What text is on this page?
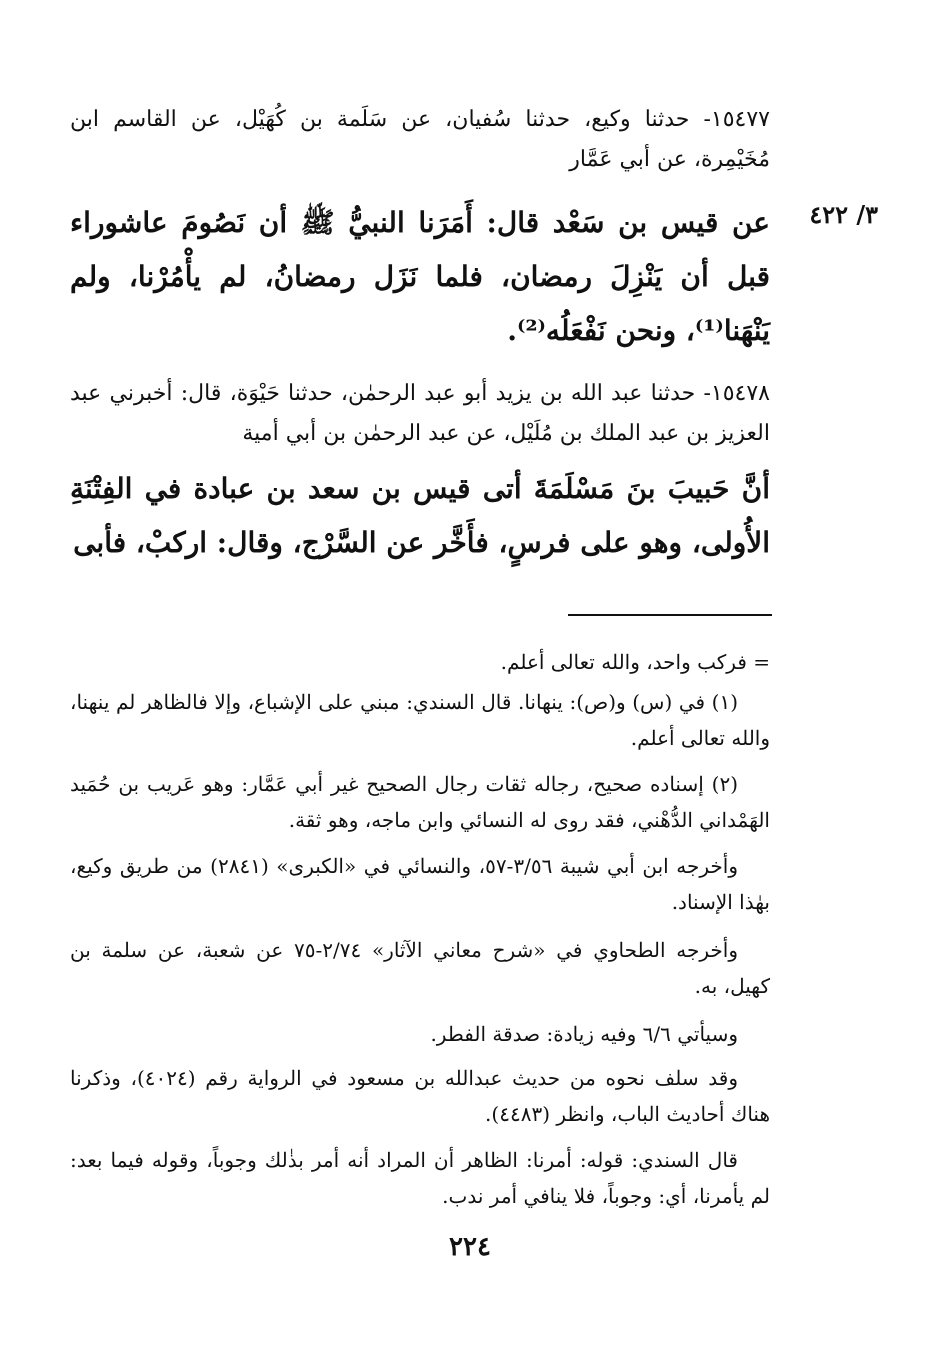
١٥٤٧٧- حدثنا وكيع، حدثنا سُفيان، عن سَلَمة بن كُهَيْل، عن القاسم ابن مُخَيْمِرة، عن أبي عَمَّار
٣/ ٤٢٢
عن قيس بن سَعْد قال: أَمَرَنا النبيُّ ﷺ أن نَصُومَ عاشوراء قبل أن يَنْزِلَ رمضان، فلما نَزَل رمضانُ، لم يأْمُرْنا، ولم يَنْهَنا⁽¹⁾، ونحن نَفْعَلُه⁽²⁾.
١٥٤٧٨- حدثنا عبد الله بن يزيد أبو عبد الرحمٰن، حدثنا حَيْوَة، قال: أخبرني عبد العزيز بن عبد الملك بن مُلَيْل، عن عبد الرحمٰن بن أبي أمية
أنَّ حَبيبَ بنَ مَسْلَمَةَ أتى قيس بن سعد بن عبادة في الفِتْنَةِ الأُولى، وهو على فرسٍ، فأَخَّر عن السَّرْج، وقال: اركبْ، فأبى
= فركب واحد، والله تعالى أعلم.
(١) في (س) و(ص): ينهانا. قال السندي: مبني على الإشباع، وإلا فالظاهر لم ينهنا، والله تعالى أعلم.
(٢) إسناده صحيح، رجاله ثقات رجال الصحيح غير أبي عَمَّار: وهو عَريب بن حُمَيد الهَمْداني الدُّهْني، فقد روى له النسائي وابن ماجه، وهو ثقة.
وأخرجه ابن أبي شيبة ٣/٥٦-٥٧، والنسائي في «الكبرى» (٢٨٤١) من طريق وكيع، بهٰذا الإسناد.
وأخرجه الطحاوي في «شرح معاني الآثار» ٢/٧٤-٧٥ عن شعبة، عن سلمة بن كهيل، به.
وسيأتي ٦/٦ وفيه زيادة: صدقة الفطر.
وقد سلف نحوه من حديث عبدالله بن مسعود في الرواية رقم (٤٠٢٤)، وذكرنا هناك أحاديث الباب، وانظر (٤٤٨٣).
قال السندي: قوله: أمرنا: الظاهر أن المراد أنه أمر بذٰلك وجوباً، وقوله فيما بعد: لم يأمرنا، أي: وجوباً، فلا ينافي أمر ندب.
٢٢٤
